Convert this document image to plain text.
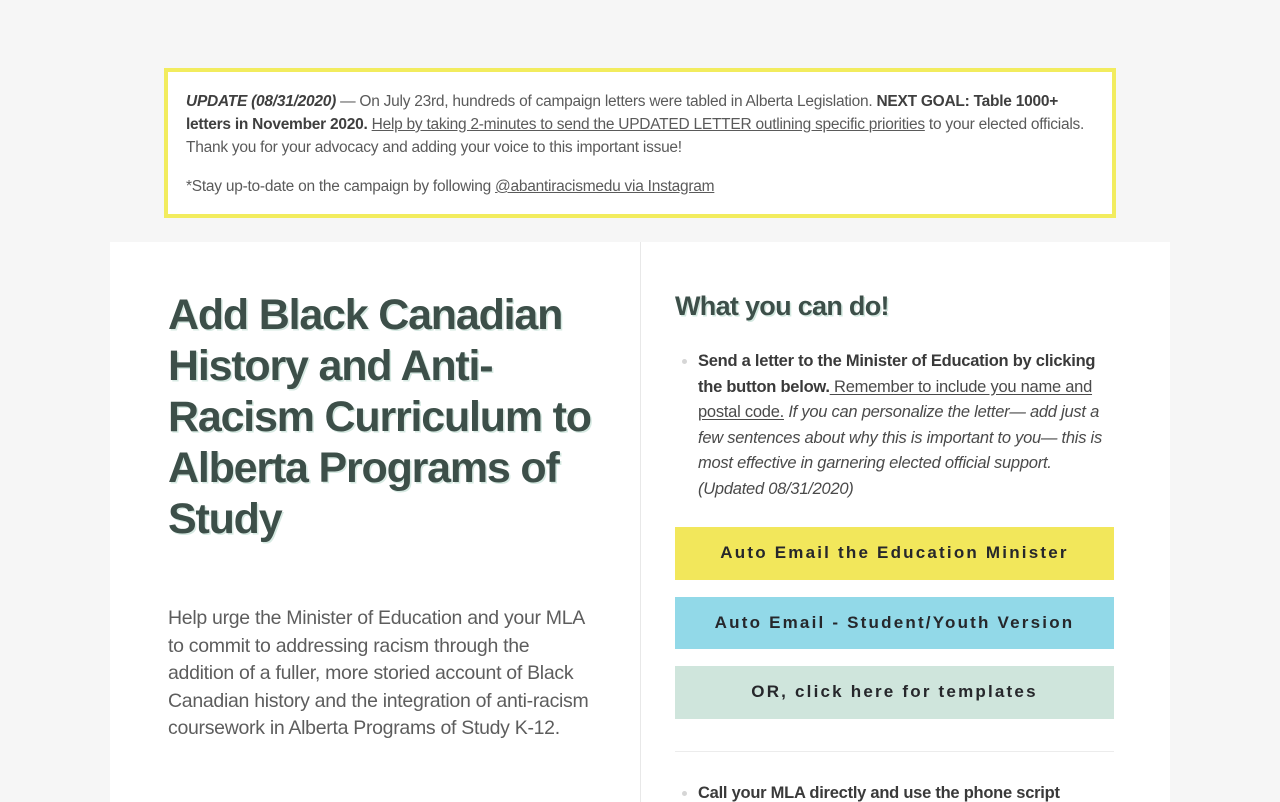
UPDATE (08/31/2020) — On July 23rd, hundreds of campaign letters were tabled in Alberta Legislation. NEXT GOAL: Table 1000+ letters in November 2020. Help by taking 2-minutes to send the UPDATED LETTER outlining specific priorities to your elected officials. Thank you for your advocacy and adding your voice to this important issue!

*Stay up-to-date on the campaign by following @abantiracismedu via Instagram

Add Black Canadian History and Anti-Racism Curriculum to Alberta Programs of Study

Help urge the Minister of Education and your MLA to commit to addressing racism through the addition of a fuller, more storied account of Black Canadian history and the integration of anti-racism coursework in Alberta Programs of Study K-12.

What you can do!
Send a letter to the Minister of Education by clicking the button below. Remember to include you name and postal code. If you can personalize the letter— add just a few sentences about why this is important to you— this is most effective in garnering elected official support. (Updated 08/31/2020)
Auto Email the Education Minister
Auto Email - Student/Youth Version
OR, click here for templates
Call your MLA directly and use the phone script
